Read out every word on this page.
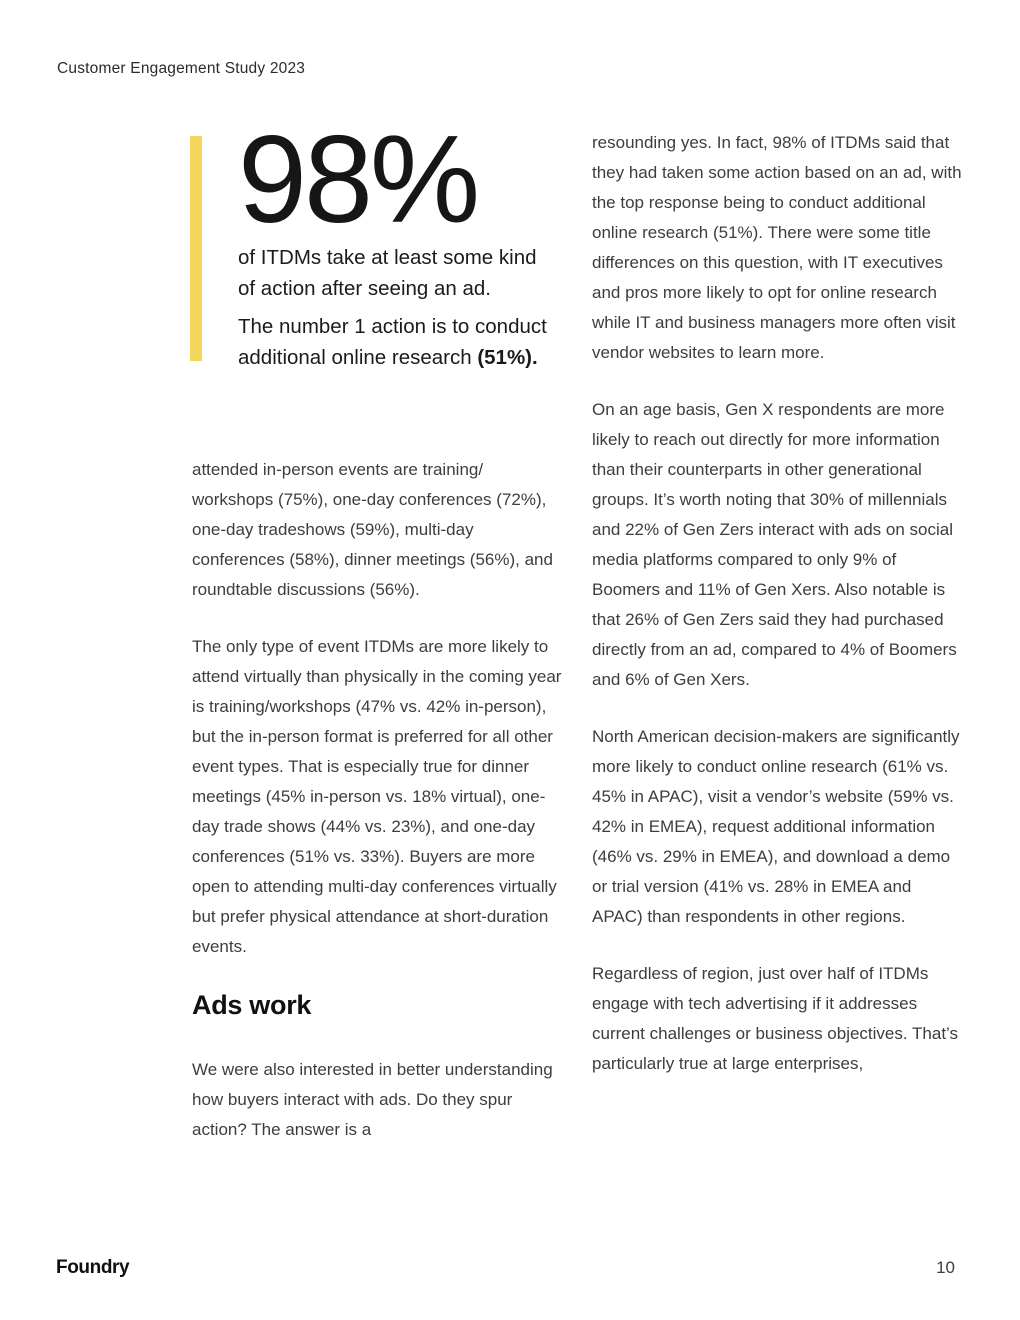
Customer Engagement Study 2023
98%

of ITDMs take at least some kind
of action after seeing an ad.

The number 1 action is to conduct
additional online research (51%).

attended in-person events are training/​workshops (75%), one-day conferences (72%), one-day tradeshows (59%), multi-day conferences (58%), dinner meetings (56%), and roundtable discussions (56%).

The only type of event ITDMs are more likely to attend virtually than physically in the coming year is training/​workshops (47% vs. 42% in-person), but the in-person format is preferred for all other event types. That is especially true for dinner meetings (45% in-person vs. 18% virtual), one-day trade shows (44% vs. 23%), and one-day conferences (51% vs. 33%). Buyers are more open to attending multi-day conferences virtually but prefer physical attendance at short-duration events.

Ads work

We were also interested in better understanding how buyers interact with ads. Do they spur action? The answer is a

resounding yes. In fact, 98% of ITDMs said that they had taken some action based on an ad, with the top response being to conduct additional online research (51%). There were some title differences on this question, with IT executives and pros more likely to opt for online research while IT and business managers more often visit vendor websites to learn more.

On an age basis, Gen X respondents are more likely to reach out directly for more information than their counterparts in other generational groups. It’s worth noting that 30% of millennials and 22% of Gen Zers interact with ads on social media platforms compared to only 9% of Boomers and 11% of Gen Xers. Also notable is that 26% of Gen Zers said they had purchased directly from an ad, compared to 4% of Boomers and 6% of Gen Xers.

North American decision-makers are significantly more likely to conduct online research (61% vs. 45% in APAC), visit a vendor’s website (59% vs. 42% in EMEA), request additional information (46% vs. 29% in EMEA), and download a demo or trial version (41% vs. 28% in EMEA and APAC) than respondents in other regions.

Regardless of region, just over half of ITDMs engage with tech advertising if it addresses current challenges or business objectives. That’s particularly true at large enterprises,

Foundry	10
